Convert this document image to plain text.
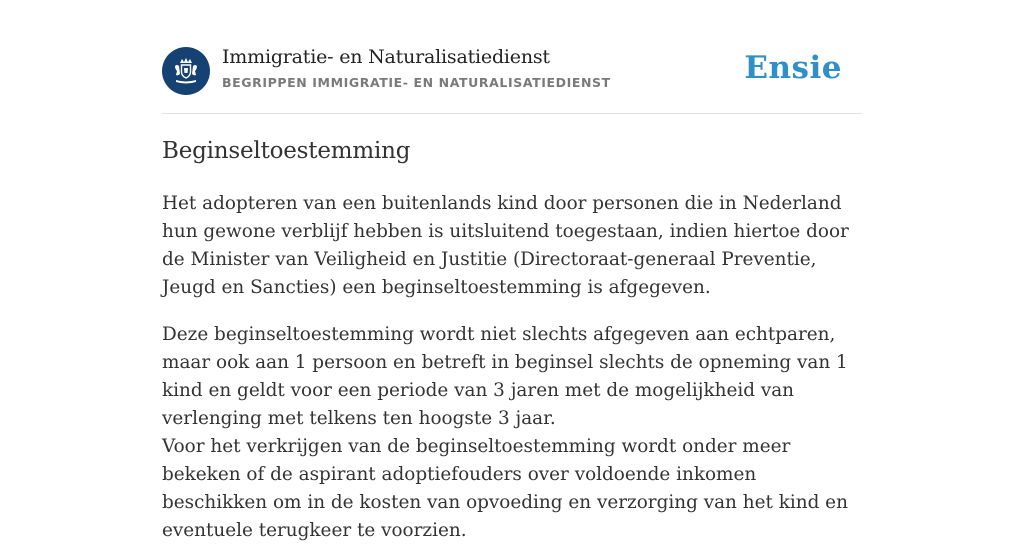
Immigratie- en Naturalisatiedienst
BEGRIPPEN IMMIGRATIE- EN NATURALISATIEDIENST	Ensie
Beginseltoestemming

Het adopteren van een buitenlands kind door personen die in Nederland hun gewone verblijf hebben is uitsluitend toegestaan, indien hiertoe door de Minister van Veiligheid en Justitie (Directoraat-generaal Preventie, Jeugd en Sancties) een beginseltoestemming is afgegeven.

Deze beginseltoestemming wordt niet slechts afgegeven aan echtparen, maar ook aan 1 persoon en betreft in beginsel slechts de opneming van 1 kind en geldt voor een periode van 3 jaren met de mogelijkheid van verlenging met telkens ten hoogste 3 jaar.

Voor het verkrijgen van de beginseltoestemming wordt onder meer bekeken of de aspirant adoptiefouders over voldoende inkomen beschikken om in de kosten van opvoeding en verzorging van het kind en eventuele terugkeer te voorzien.
